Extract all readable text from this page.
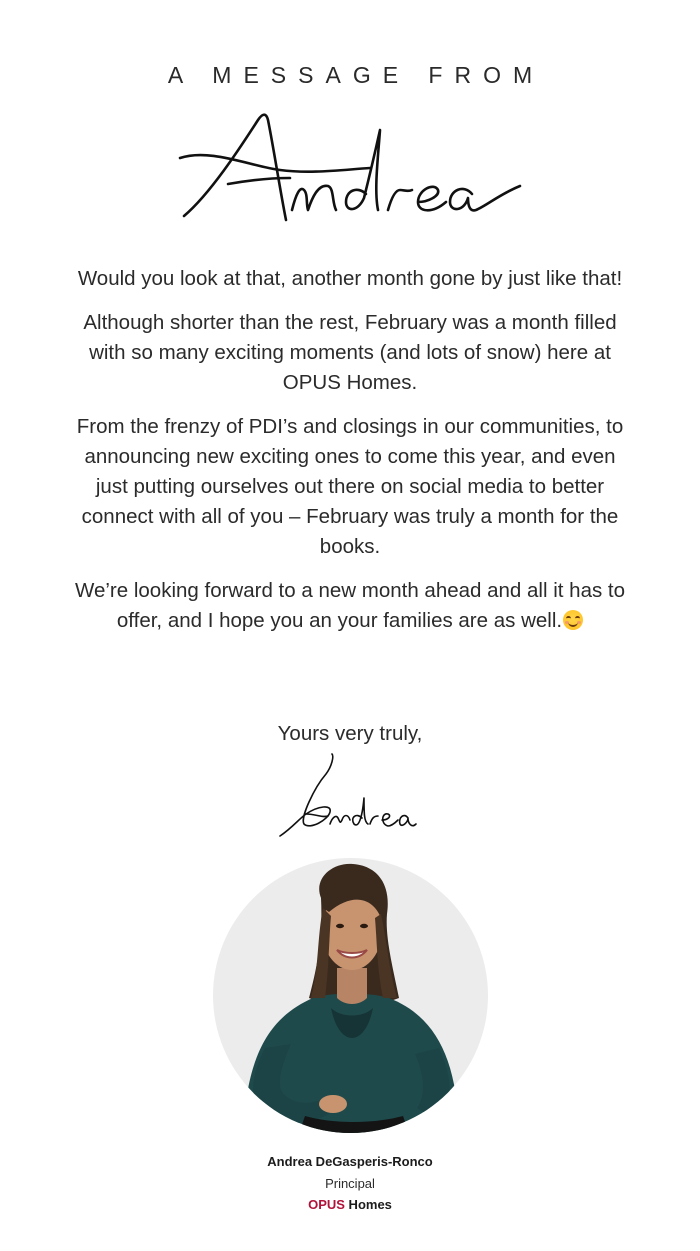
A MESSAGE FROM

Would you look at that, another month gone by just like that!

Although shorter than the rest, February was a month filled with so many exciting moments (and lots of snow) here at OPUS Homes.

From the frenzy of PDI’s and closings in our communities, to announcing new exciting ones to come this year, and even just putting ourselves out there on social media to better connect with all of you – February was truly a month for the books.

We’re looking forward to a new month ahead and all it has to offer, and I hope you an your families are as well.

Yours very truly,
Andrea DeGasperis-Ronco
Principal
OPUS Homes
